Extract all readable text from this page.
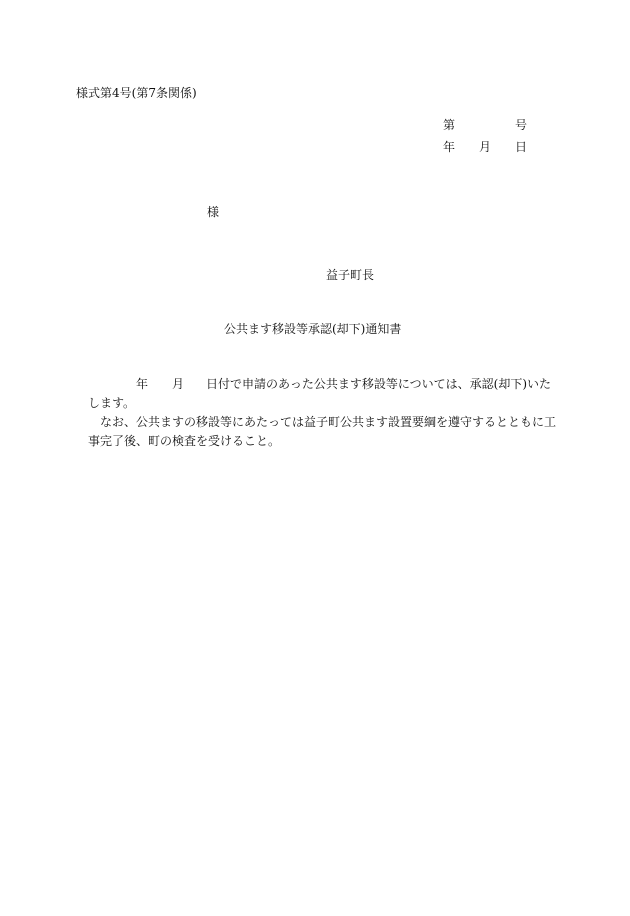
様式第4号(第7条関係)
第	号
年 月 日
様
益子町長
公共ます移設等承認(却下)通知書
年 月 日付で申請のあった公共ます移設等については、承認(却下)いた
します。
なお、公共ますの移設等にあたっては益子町公共ます設置要綱を遵守するとともに工
事完了後、町の検査を受けること。
